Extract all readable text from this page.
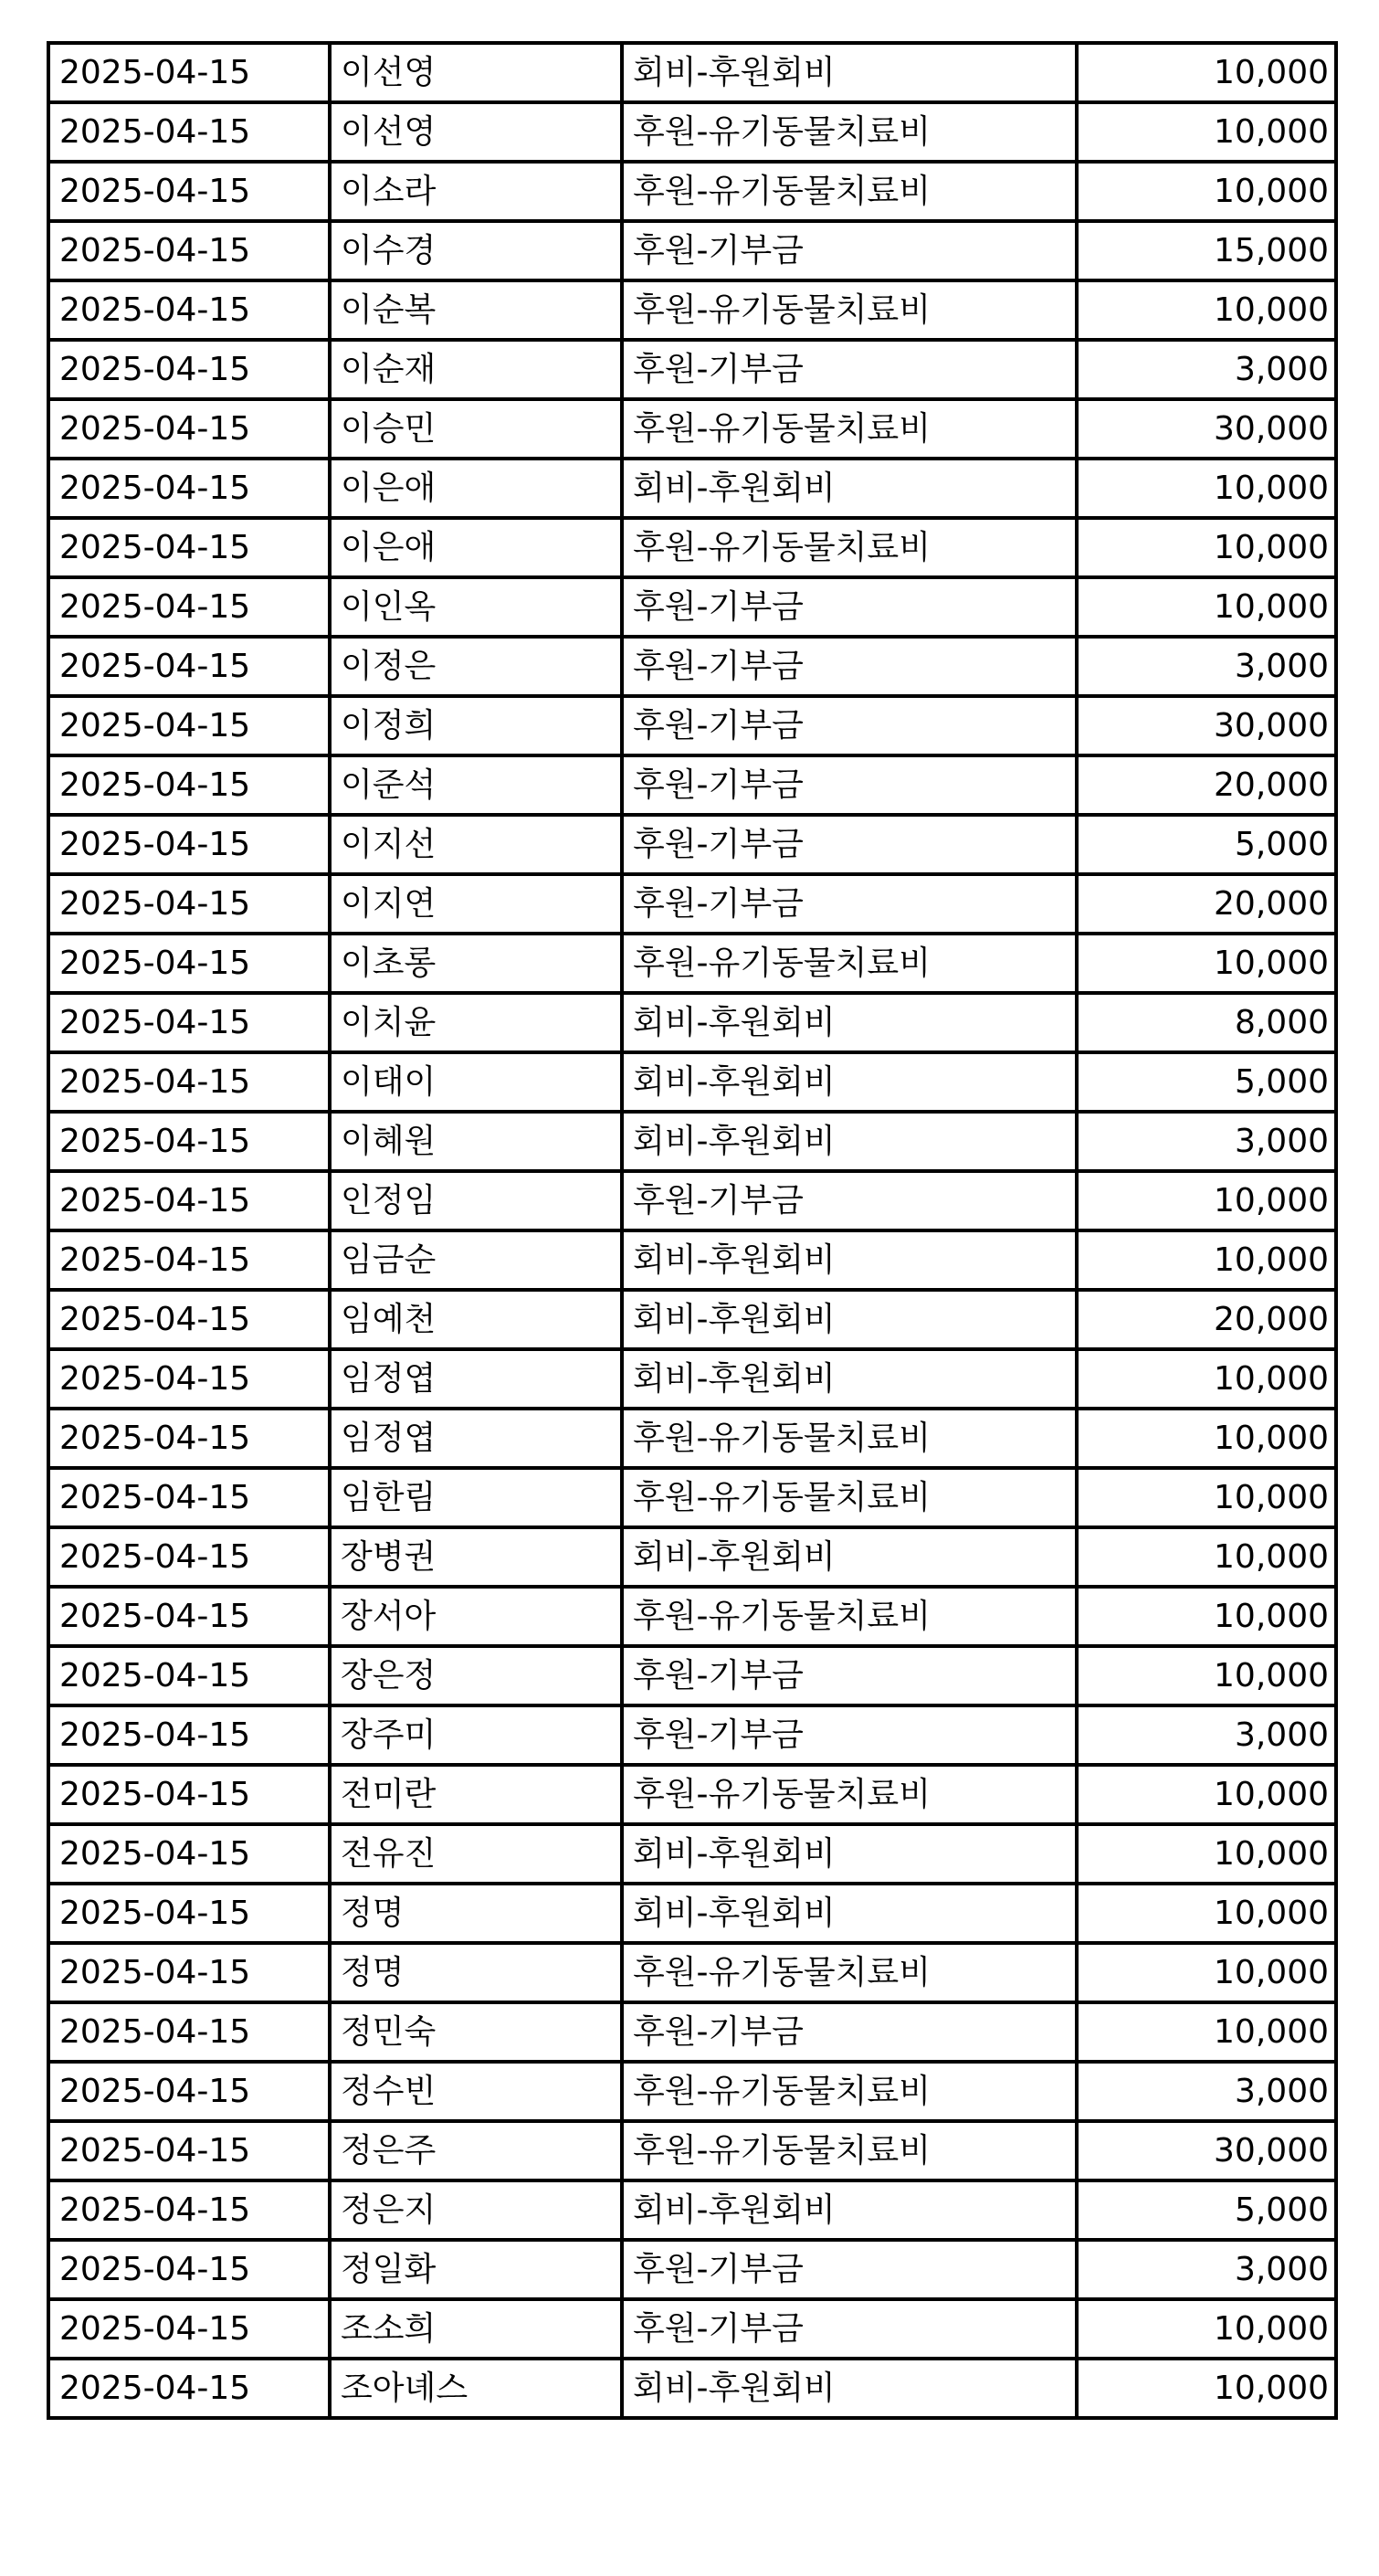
2025-04-15	이선영	회비-후원회비	10,000
2025-04-15	이선영	후원-유기동물치료비	10,000
2025-04-15	이소라	후원-유기동물치료비	10,000
2025-04-15	이수경	후원-기부금	15,000
2025-04-15	이순복	후원-유기동물치료비	10,000
2025-04-15	이순재	후원-기부금	3,000
2025-04-15	이승민	후원-유기동물치료비	30,000
2025-04-15	이은애	회비-후원회비	10,000
2025-04-15	이은애	후원-유기동물치료비	10,000
2025-04-15	이인옥	후원-기부금	10,000
2025-04-15	이정은	후원-기부금	3,000
2025-04-15	이정희	후원-기부금	30,000
2025-04-15	이준석	후원-기부금	20,000
2025-04-15	이지선	후원-기부금	5,000
2025-04-15	이지연	후원-기부금	20,000
2025-04-15	이초롱	후원-유기동물치료비	10,000
2025-04-15	이치윤	회비-후원회비	8,000
2025-04-15	이태이	회비-후원회비	5,000
2025-04-15	이혜원	회비-후원회비	3,000
2025-04-15	인정임	후원-기부금	10,000
2025-04-15	임금순	회비-후원회비	10,000
2025-04-15	임예천	회비-후원회비	20,000
2025-04-15	임정엽	회비-후원회비	10,000
2025-04-15	임정엽	후원-유기동물치료비	10,000
2025-04-15	임한림	후원-유기동물치료비	10,000
2025-04-15	장병권	회비-후원회비	10,000
2025-04-15	장서아	후원-유기동물치료비	10,000
2025-04-15	장은정	후원-기부금	10,000
2025-04-15	장주미	후원-기부금	3,000
2025-04-15	전미란	후원-유기동물치료비	10,000
2025-04-15	전유진	회비-후원회비	10,000
2025-04-15	정명	회비-후원회비	10,000
2025-04-15	정명	후원-유기동물치료비	10,000
2025-04-15	정민숙	후원-기부금	10,000
2025-04-15	정수빈	후원-유기동물치료비	3,000
2025-04-15	정은주	후원-유기동물치료비	30,000
2025-04-15	정은지	회비-후원회비	5,000
2025-04-15	정일화	후원-기부금	3,000
2025-04-15	조소희	후원-기부금	10,000
2025-04-15	조아녜스	회비-후원회비	10,000
